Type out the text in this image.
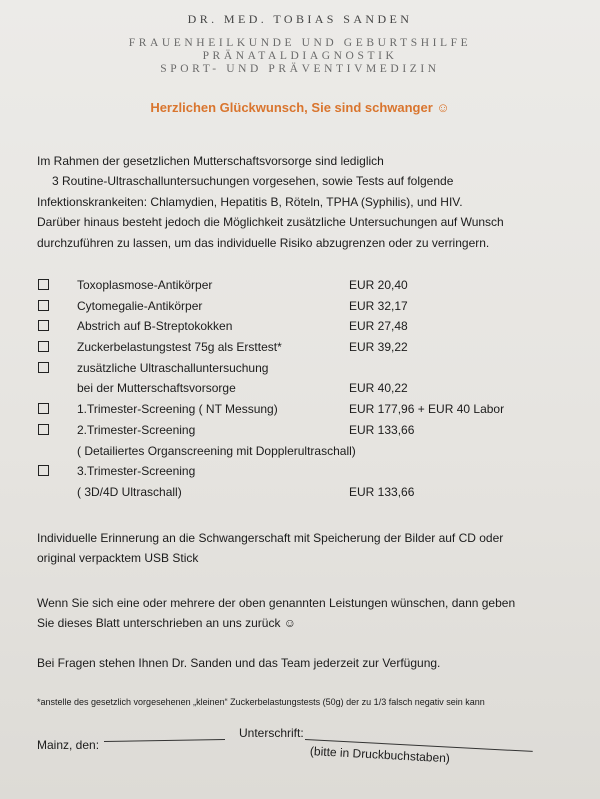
DR. MED. TOBIAS SANDEN
FRAUENHEILKUNDE UND GEBURTSHILFE
PRÄNATALDIAGNOSTIK
SPORT- UND PRÄVENTIVMEDIZIN
Herzlichen Glückwunsch, Sie sind schwanger ☺
Im Rahmen der gesetzlichen Mutterschaftsvorsorge sind lediglich
3 Routine-Ultraschalluntersuchungen vorgesehen, sowie Tests auf folgende
Infektionskrankeiten: Chlamydien, Hepatitis B, Röteln, TPHA (Syphilis), und HIV.
Darüber hinaus besteht jedoch die Möglichkeit zusätzliche Untersuchungen auf Wunsch
durchzuführen zu lassen, um das individuelle Risiko abzugrenzen oder zu verringern.
Toxoplasmose-Antikörper	EUR 20,40
Cytomegalie-Antikörper	EUR 32,17
Abstrich auf B-Streptokokken	EUR 27,48
Zuckerbelastungstest 75g als Ersttest*	EUR 39,22
zusätzliche Ultraschalluntersuchung
bei der Mutterschaftsvorsorge	EUR 40,22
1.Trimester-Screening ( NT Messung)	EUR 177,96 + EUR 40 Labor
2.Trimester-Screening	EUR 133,66
( Detailiertes Organscreening mit Dopplerultraschall)
3.Trimester-Screening
( 3D/4D Ultraschall)	EUR 133,66
Individuelle Erinnerung an die Schwangerschaft mit Speicherung der Bilder auf CD oder
original verpacktem USB Stick
Wenn Sie sich eine oder mehrere der oben genannten Leistungen wünschen, dann geben
Sie dieses Blatt unterschrieben an uns zurück ☺
Bei Fragen stehen Ihnen Dr. Sanden und das Team jederzeit zur Verfügung.
*anstelle des gesetzlich vorgesehenen „kleinen“ Zuckerbelastungstests (50g) der zu 1/3 falsch negativ sein kann
Mainz, den:
Unterschrift:
(bitte in Druckbuchstaben)
